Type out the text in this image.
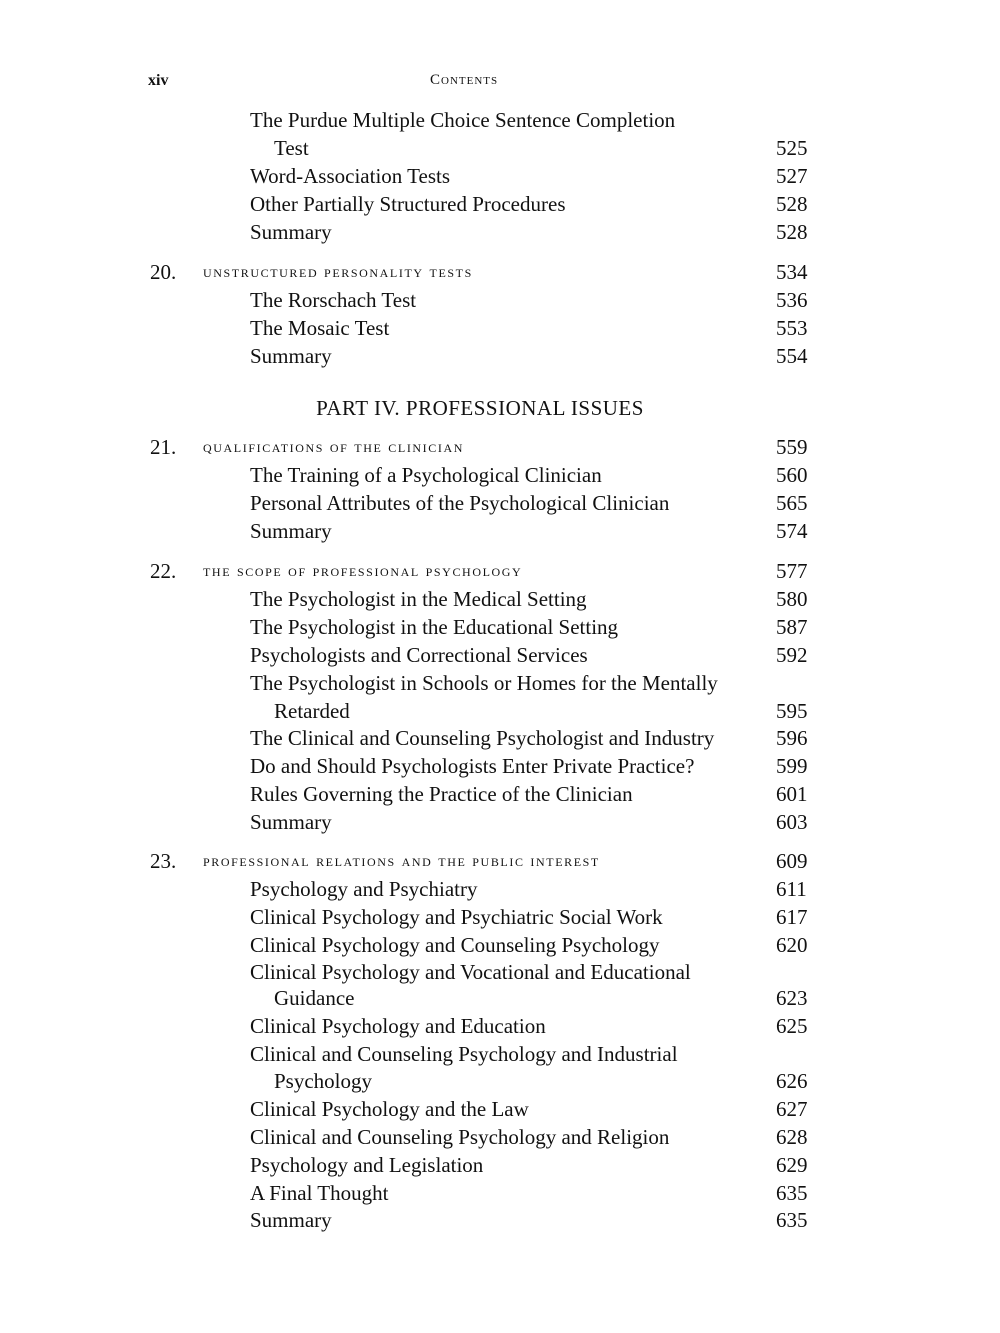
xiv	Contents
The Purdue Multiple Choice Sentence Completion
Test	525
Word-Association Tests	527
Other Partially Structured Procedures	528
Summary	528
20. unstructured personality tests	534
The Rorschach Test	536
The Mosaic Test	553
Summary	554
PART IV. PROFESSIONAL ISSUES
21. qualifications of the clinician	559
The Training of a Psychological Clinician	560
Personal Attributes of the Psychological Clinician	565
Summary	574
22. the scope of professional psychology	577
The Psychologist in the Medical Setting	580
The Psychologist in the Educational Setting	587
Psychologists and Correctional Services	592
The Psychologist in Schools or Homes for the Mentally
Retarded	595
The Clinical and Counseling Psychologist and Industry	596
Do and Should Psychologists Enter Private Practice?	599
Rules Governing the Practice of the Clinician	601
Summary	603
23. professional relations and the public interest	609
Psychology and Psychiatry	611
Clinical Psychology and Psychiatric Social Work	617
Clinical Psychology and Counseling Psychology	620
Clinical Psychology and Vocational and Educational
Guidance	623
Clinical Psychology and Education	625
Clinical and Counseling Psychology and Industrial
Psychology	626
Clinical Psychology and the Law	627
Clinical and Counseling Psychology and Religion	628
Psychology and Legislation	629
A Final Thought	635
Summary	635
